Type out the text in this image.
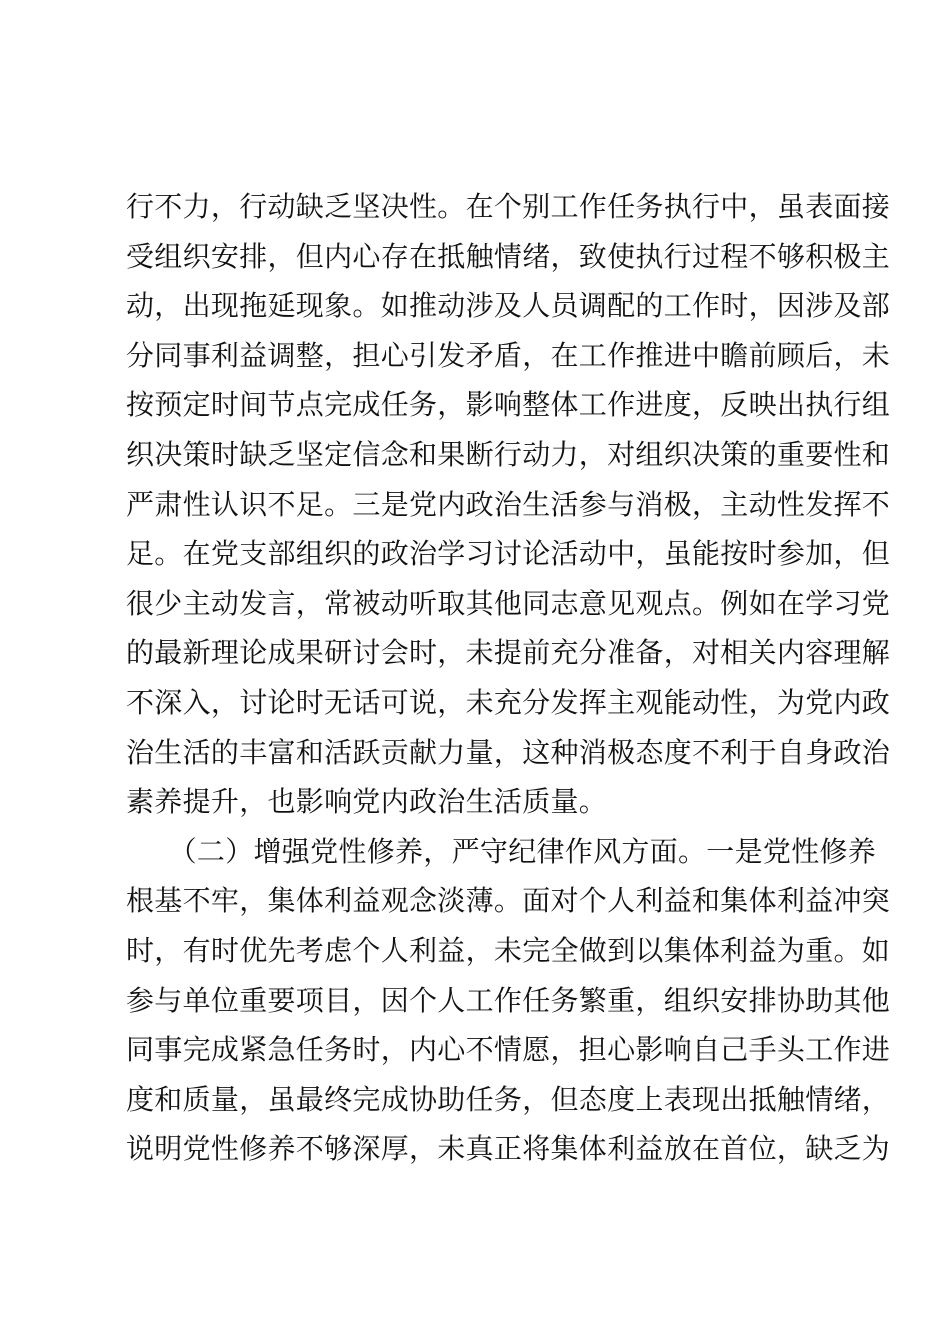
行不力，行动缺乏坚决性。在个别工作任务执行中，虽表面接
受组织安排，但内心存在抵触情绪，致使执行过程不够积极主
动，出现拖延现象。如推动涉及人员调配的工作时，因涉及部
分同事利益调整，担心引发矛盾，在工作推进中瞻前顾后，未
按预定时间节点完成任务，影响整体工作进度，反映出执行组
织决策时缺乏坚定信念和果断行动力，对组织决策的重要性和
严肃性认识不足。三是党内政治生活参与消极，主动性发挥不
足。在党支部组织的政治学习讨论活动中，虽能按时参加，但
很少主动发言，常被动听取其他同志意见观点。例如在学习党
的最新理论成果研讨会时，未提前充分准备，对相关内容理解
不深入，讨论时无话可说，未充分发挥主观能动性，为党内政
治生活的丰富和活跃贡献力量，这种消极态度不利于自身政治
素养提升，也影响党内政治生活质量。
　　（二）增强党性修养，严守纪律作风方面。一是党性修养
根基不牢，集体利益观念淡薄。面对个人利益和集体利益冲突
时，有时优先考虑个人利益，未完全做到以集体利益为重。如
参与单位重要项目，因个人工作任务繁重，组织安排协助其他
同事完成紧急任务时，内心不情愿，担心影响自己手头工作进
度和质量，虽最终完成协助任务，但态度上表现出抵触情绪，
说明党性修养不够深厚，未真正将集体利益放在首位，缺乏为
